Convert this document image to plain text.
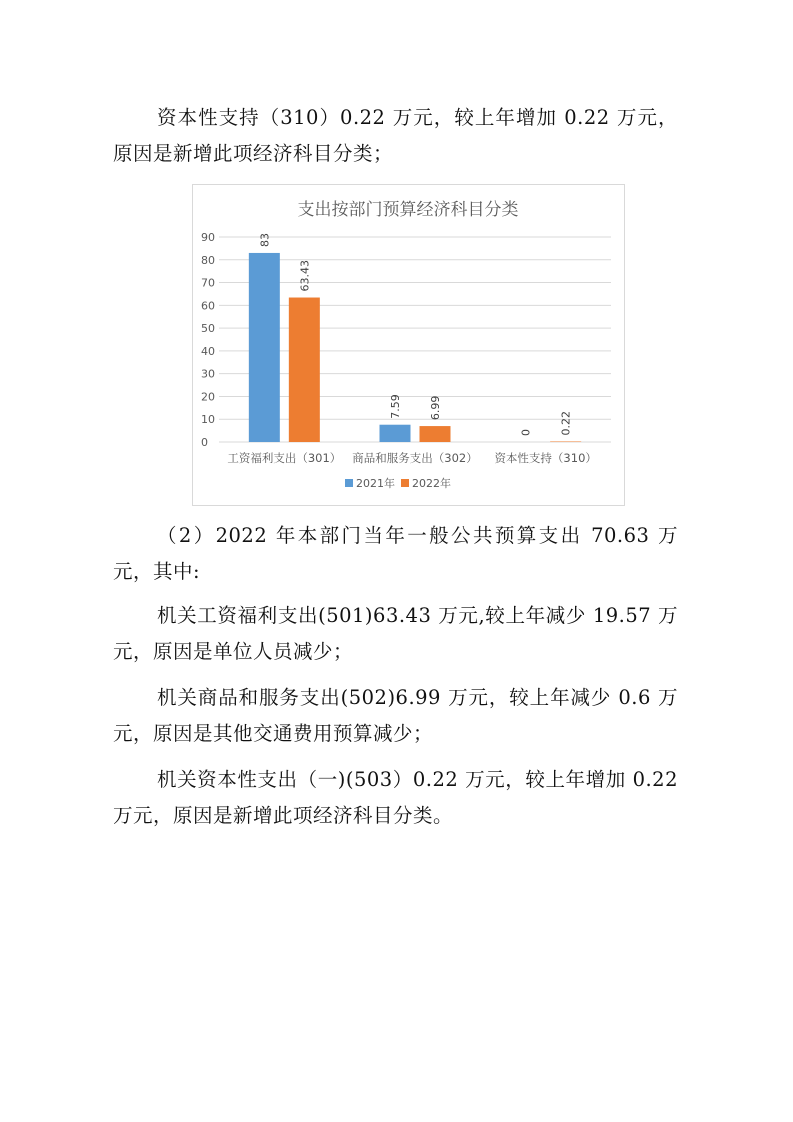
资本性支持（310）0.22 万元，较上年增加 0.22 万元，原因是新增此项经济科目分类；

支出按部门预算经济科目分类
0
10
20
30
40
50
60
70
80
90	83
63.43
工资福利支出（301）
7.59 6.99
商品和服务支出（302）
0 0.22
资本性支持（310）
2021年 2022年

（2）2022 年本部门当年一般公共预算支出 70.63 万元，其中:

机关工资福利支出(501)63.43 万元,较上年减少 19.57 万元，原因是单位人员减少；

机关商品和服务支出(502)6.99 万元，较上年减少 0.6 万元，原因是其他交通费用预算减少；

机关资本性支出（一)(503）0.22 万元，较上年增加 0.22 万元，原因是新增此项经济科目分类。
